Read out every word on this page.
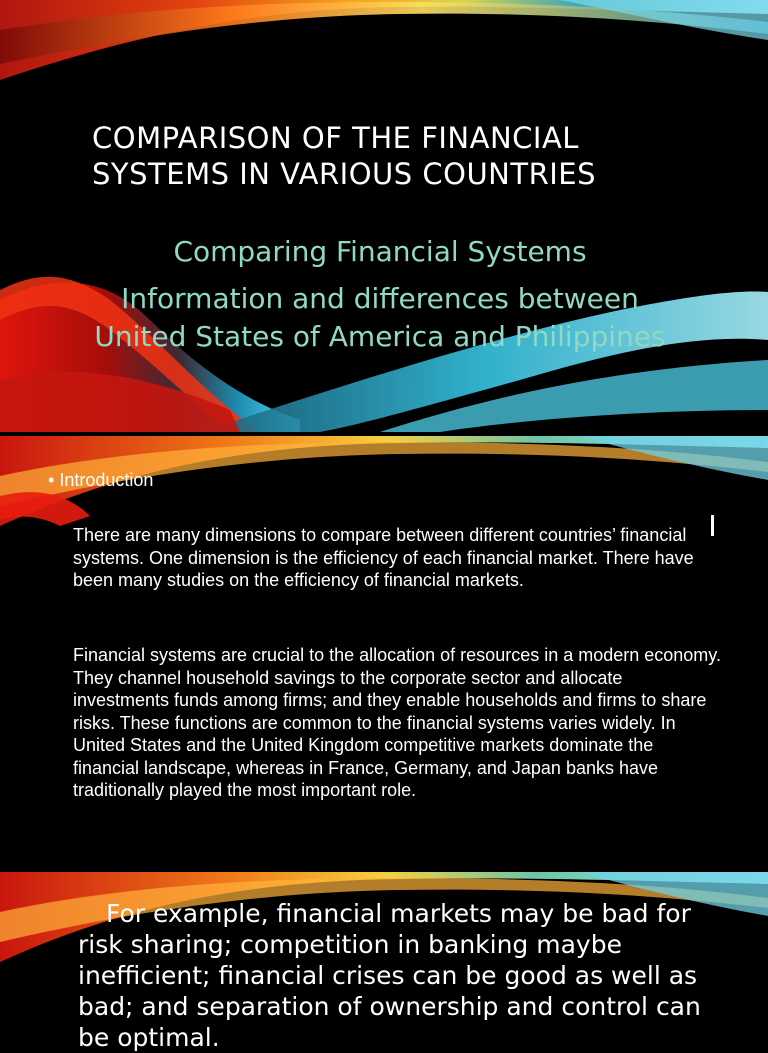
COMPARISON OF THE FINANCIAL SYSTEMS IN VARIOUS COUNTRIES
Comparing Financial Systems
Information and differences between United States of America and Philippines
• Introduction

There are many dimensions to compare between different countries’ financial systems. One dimension is the efficiency of each financial market. There have been many studies on the efficiency of financial markets.

Financial systems are crucial to the allocation of resources in a modern economy. They channel household savings to the corporate sector and allocate investments funds among firms; and they enable households and firms to share risks. These functions are common to the financial systems varies widely. In United States and the United Kingdom competitive markets dominate the financial landscape, whereas in France, Germany, and Japan banks have traditionally played the most important role.

For example, financial markets may be bad for risk sharing; competition in banking maybe inefficient; financial crises can be good as well as bad; and separation of ownership and control can be optimal.
